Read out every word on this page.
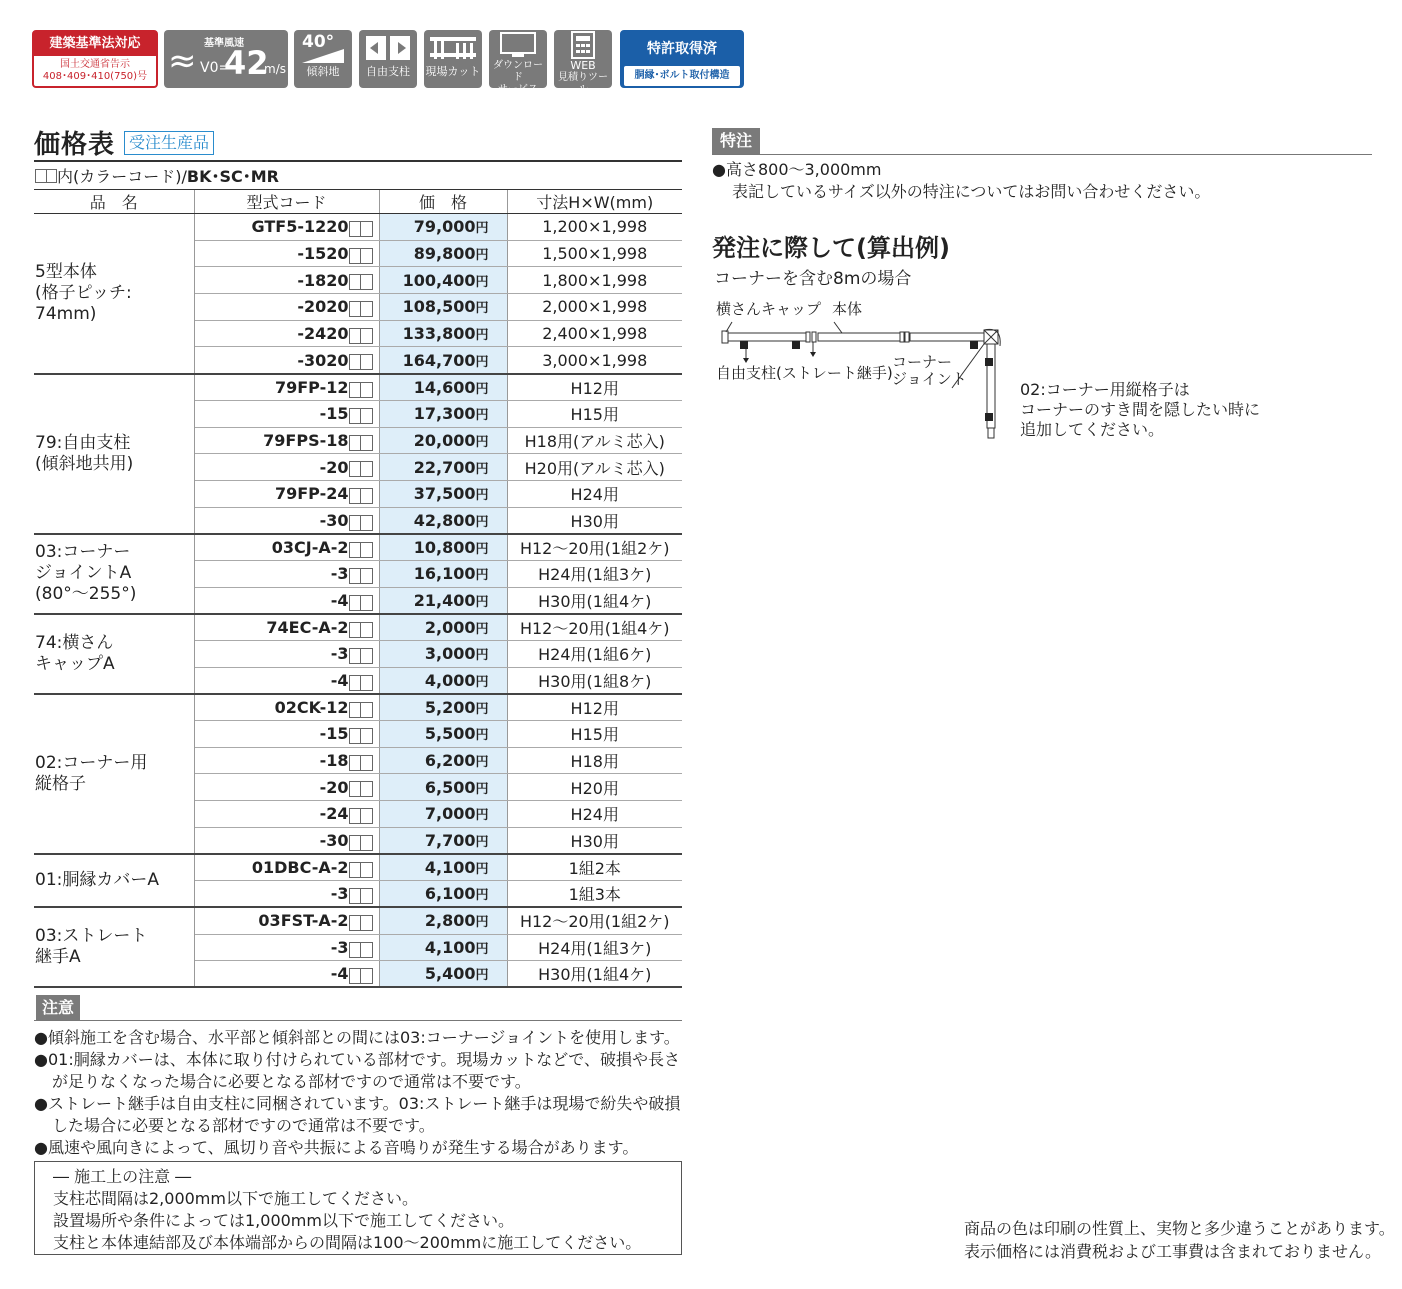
建築基準法対応
国土交通省告示
408･409･410(750)号
基準風速
≈ V0=
42
m/s
40°
傾斜地	自由支柱	現場カット	ダウンロード
サービス
WEB
見積りツール
特許取得済
胴縁･ボルト取付構造
価格表 受注生産品
内(カラーコード)/BK･SC･MR
品　名	型式コード	価　格	寸法H×W(mm)
5型本体
(格子ピッチ:
74mm)	GTF5-1220	79,000円	1,200×1,998
	-1520	89,800円	1,500×1,998
	-1820	100,400円	1,800×1,998
	-2020	108,500円	2,000×1,998
	-2420	133,800円	2,400×1,998
	-3020	164,700円	3,000×1,998
79:自由支柱
(傾斜地共用)	79FP-12	14,600円	H12用
	-15	17,300円	H15用
	79FPS-18	20,000円	H18用(アルミ芯入)
	-20	22,700円	H20用(アルミ芯入)
	79FP-24	37,500円	H24用
	-30	42,800円	H30用
03:コーナー
ジョイントA
(80°～255°)	03CJ-A-2	10,800円	H12～20用(1組2ケ)
	-3	16,100円	H24用(1組3ケ)
	-4	21,400円	H30用(1組4ケ)
74:横さん
キャップA	74EC-A-2	2,000円	H12～20用(1組4ケ)
	-3	3,000円	H24用(1組6ケ)
	-4	4,000円	H30用(1組8ケ)
02:コーナー用
縦格子	02CK-12	5,200円	H12用
	-15	5,500円	H15用
	-18	6,200円	H18用
	-20	6,500円	H20用
	-24	7,000円	H24用
	-30	7,700円	H30用
01:胴縁カバーA	01DBC-A-2	4,100円	1組2本
	-3	6,100円	1組3本
03:ストレート
継手A	03FST-A-2	2,800円	H12～20用(1組2ケ)
	-3	4,100円	H24用(1組3ケ)
	-4	5,400円	H30用(1組4ケ)
注意
●傾斜施工を含む場合、水平部と傾斜部との間には03:コーナージョイントを使用します。
●01:胴縁カバーは、本体に取り付けられている部材です。現場カットなどで、破損や長さが足りなくなった場合に必要となる部材ですので通常は不要です。
●ストレート継手は自由支柱に同梱されています。03:ストレート継手は現場で紛失や破損した場合に必要となる部材ですので通常は不要です。
●風速や風向きによって、風切り音や共振による音鳴りが発生する場合があります。
― 施工上の注意 ―
支柱芯間隔は2,000mm以下で施工してください。
設置場所や条件によっては1,000mm以下で施工してください。
支柱と本体連結部及び本体端部からの間隔は100～200mmに施工してください。
特注
●高さ800～3,000mm
表記しているサイズ以外の特注についてはお問い合わせください。
発注に際して(算出例)
コーナーを含む8mの場合
横さんキャップ 本体
自由支柱(ストレート継手)
コーナー
ジョイント
02:コーナー用縦格子は
コーナーのすき間を隠したい時に
追加してください。
商品の色は印刷の性質上、実物と多少違うことがあります。
表示価格には消費税および工事費は含まれておりません。
